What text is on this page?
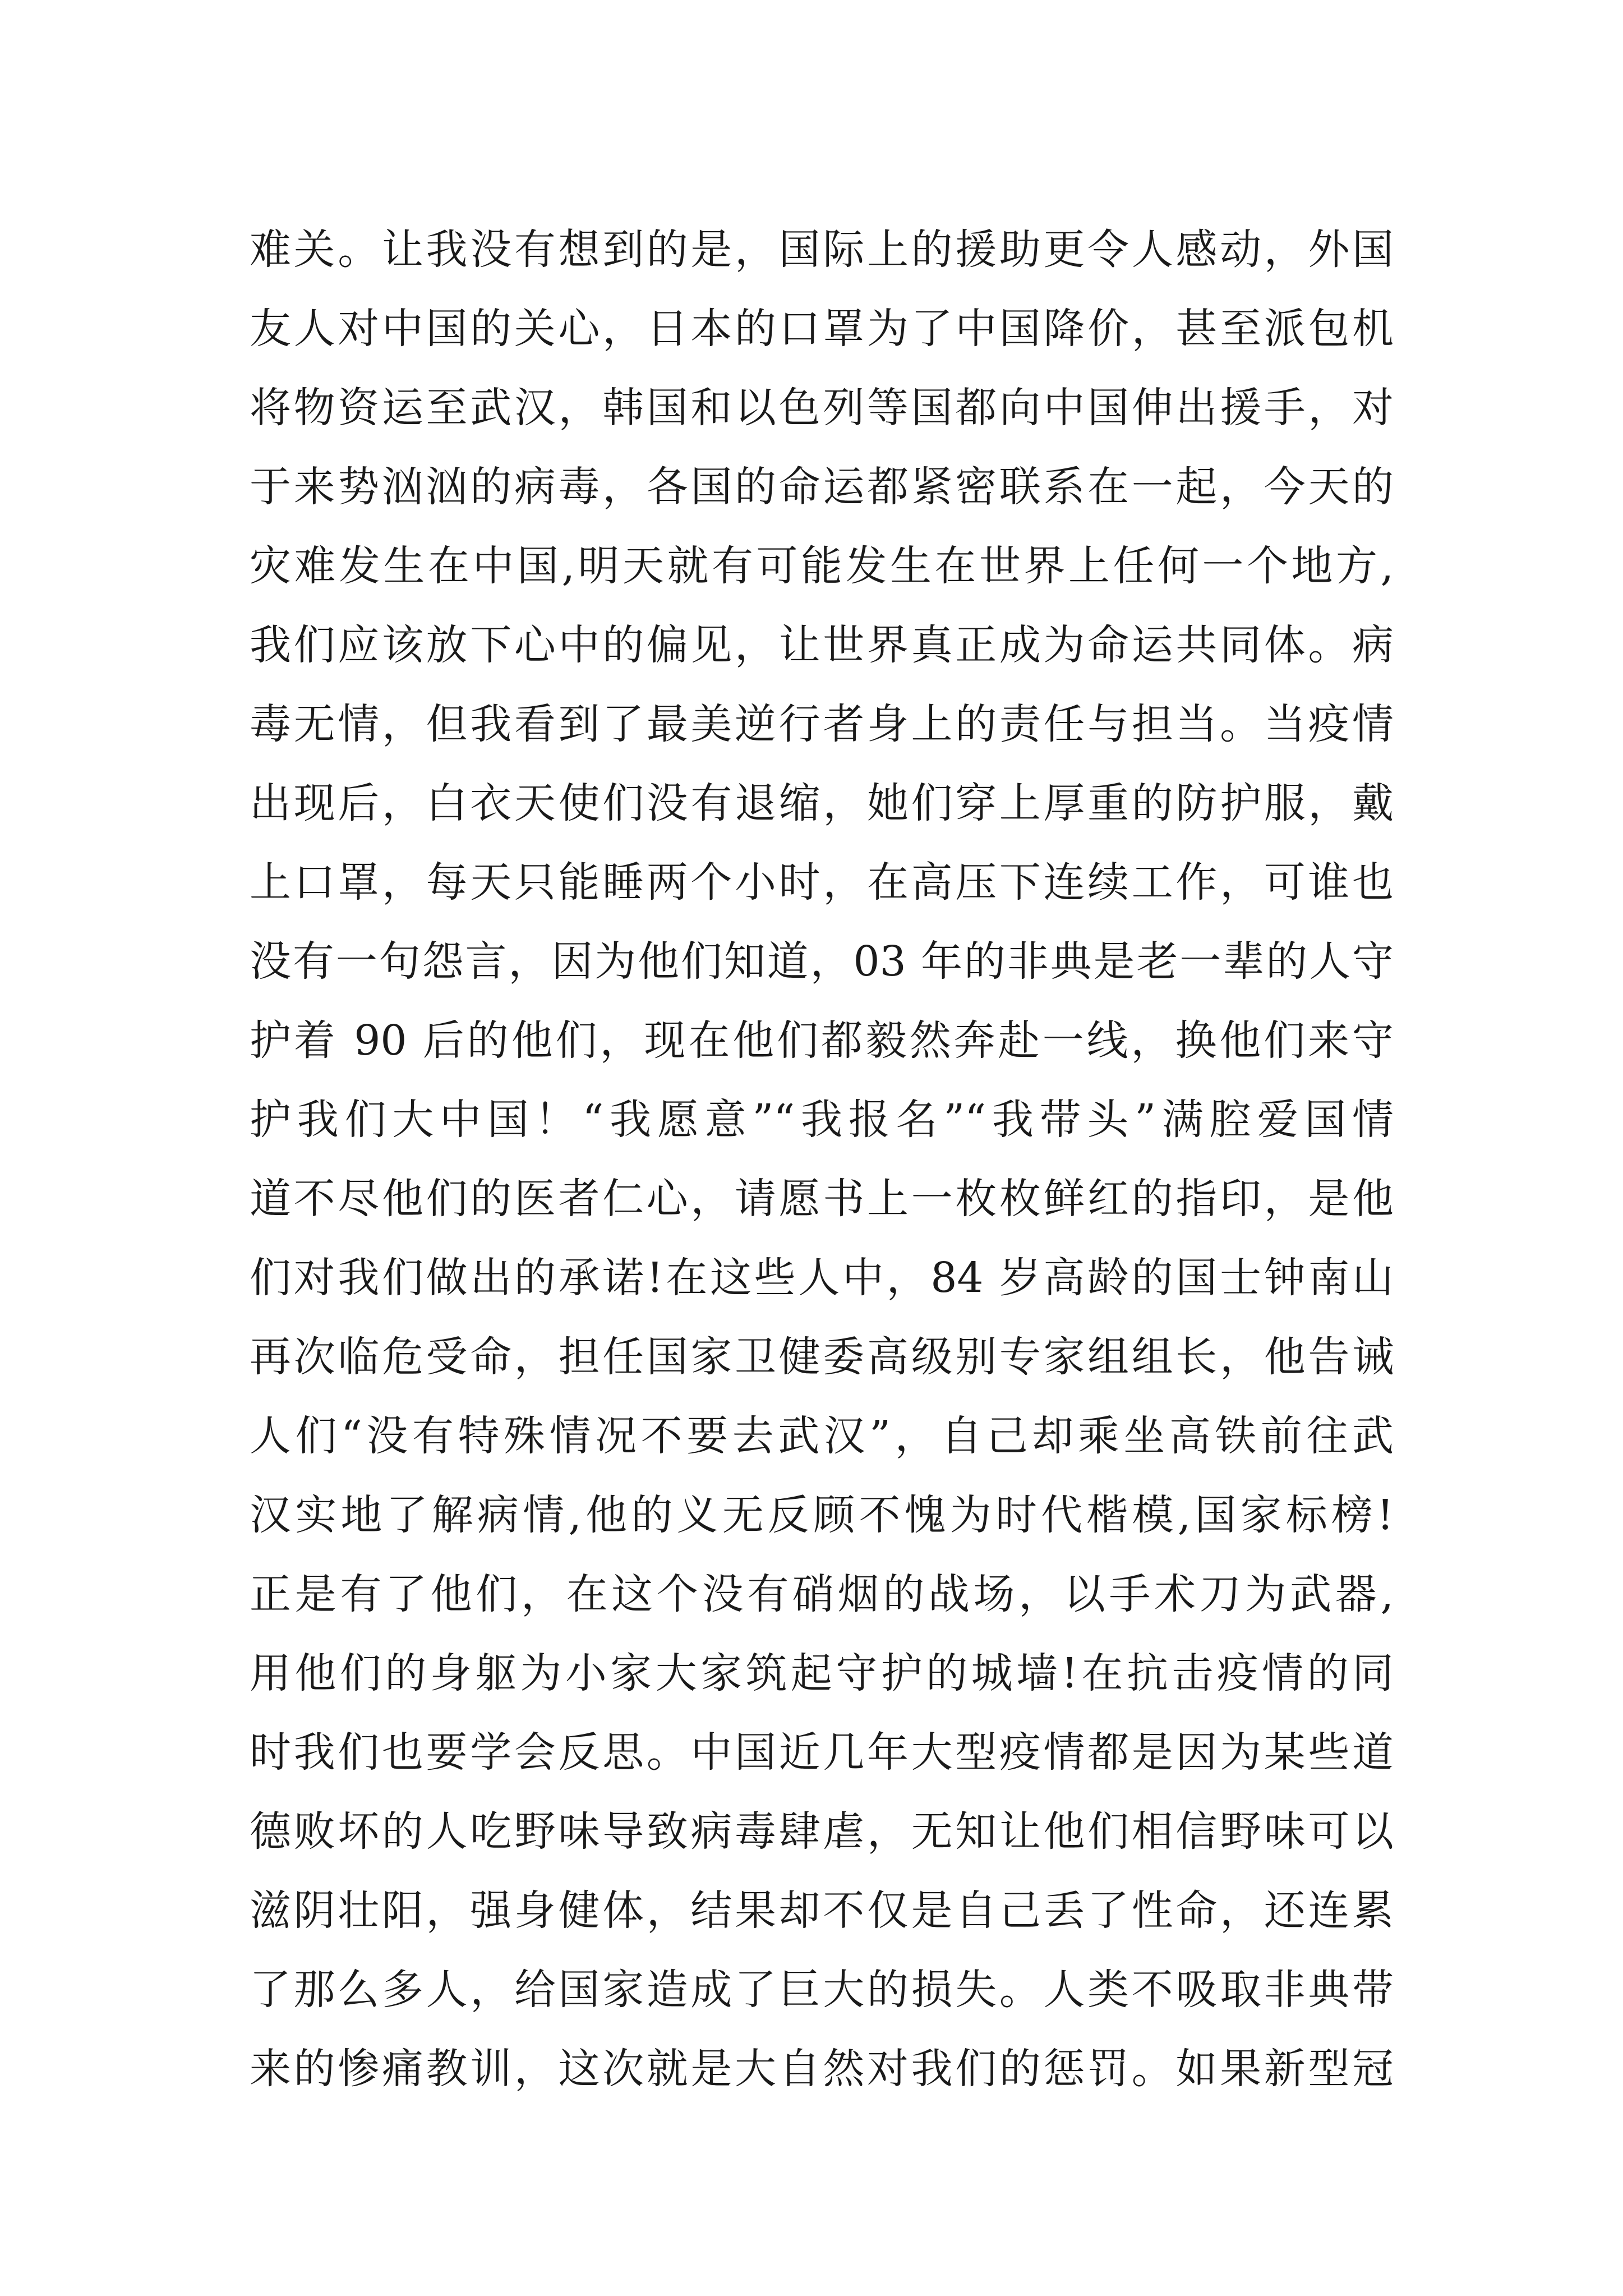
难关。让我没有想到的是，国际上的援助更令人感动，外国
友人对中国的关心，日本的口罩为了中国降价，甚至派包机
将物资运至武汉，韩国和以色列等国都向中国伸出援手，对
于来势汹汹的病毒，各国的命运都紧密联系在一起，今天的
灾难发生在中国,明天就有可能发生在世界上任何一个地方,
我们应该放下心中的偏见，让世界真正成为命运共同体。病
毒无情，但我看到了最美逆行者身上的责任与担当。当疫情
出现后，白衣天使们没有退缩，她们穿上厚重的防护服，戴
上口罩，每天只能睡两个小时，在高压下连续工作，可谁也
没有一句怨言，因为他们知道，03 年的非典是老一辈的人守
护着 90 后的他们，现在他们都毅然奔赴一线，换他们来守
护我们大中国！“我愿意”“我报名”“我带头”满腔爱国情
道不尽他们的医者仁心，请愿书上一枚枚鲜红的指印，是他
们对我们做出的承诺!在这些人中，84 岁高龄的国士钟南山
再次临危受命，担任国家卫健委高级别专家组组长，他告诫
人们“没有特殊情况不要去武汉”，自己却乘坐高铁前往武
汉实地了解病情,他的义无反顾不愧为时代楷模,国家标榜!
正是有了他们，在这个没有硝烟的战场，以手术刀为武器,
用他们的身躯为小家大家筑起守护的城墙!在抗击疫情的同
时我们也要学会反思。中国近几年大型疫情都是因为某些道
德败坏的人吃野味导致病毒肆虐，无知让他们相信野味可以
滋阴壮阳，强身健体，结果却不仅是自己丢了性命，还连累
了那么多人，给国家造成了巨大的损失。人类不吸取非典带
来的惨痛教训，这次就是大自然对我们的惩罚。如果新型冠
